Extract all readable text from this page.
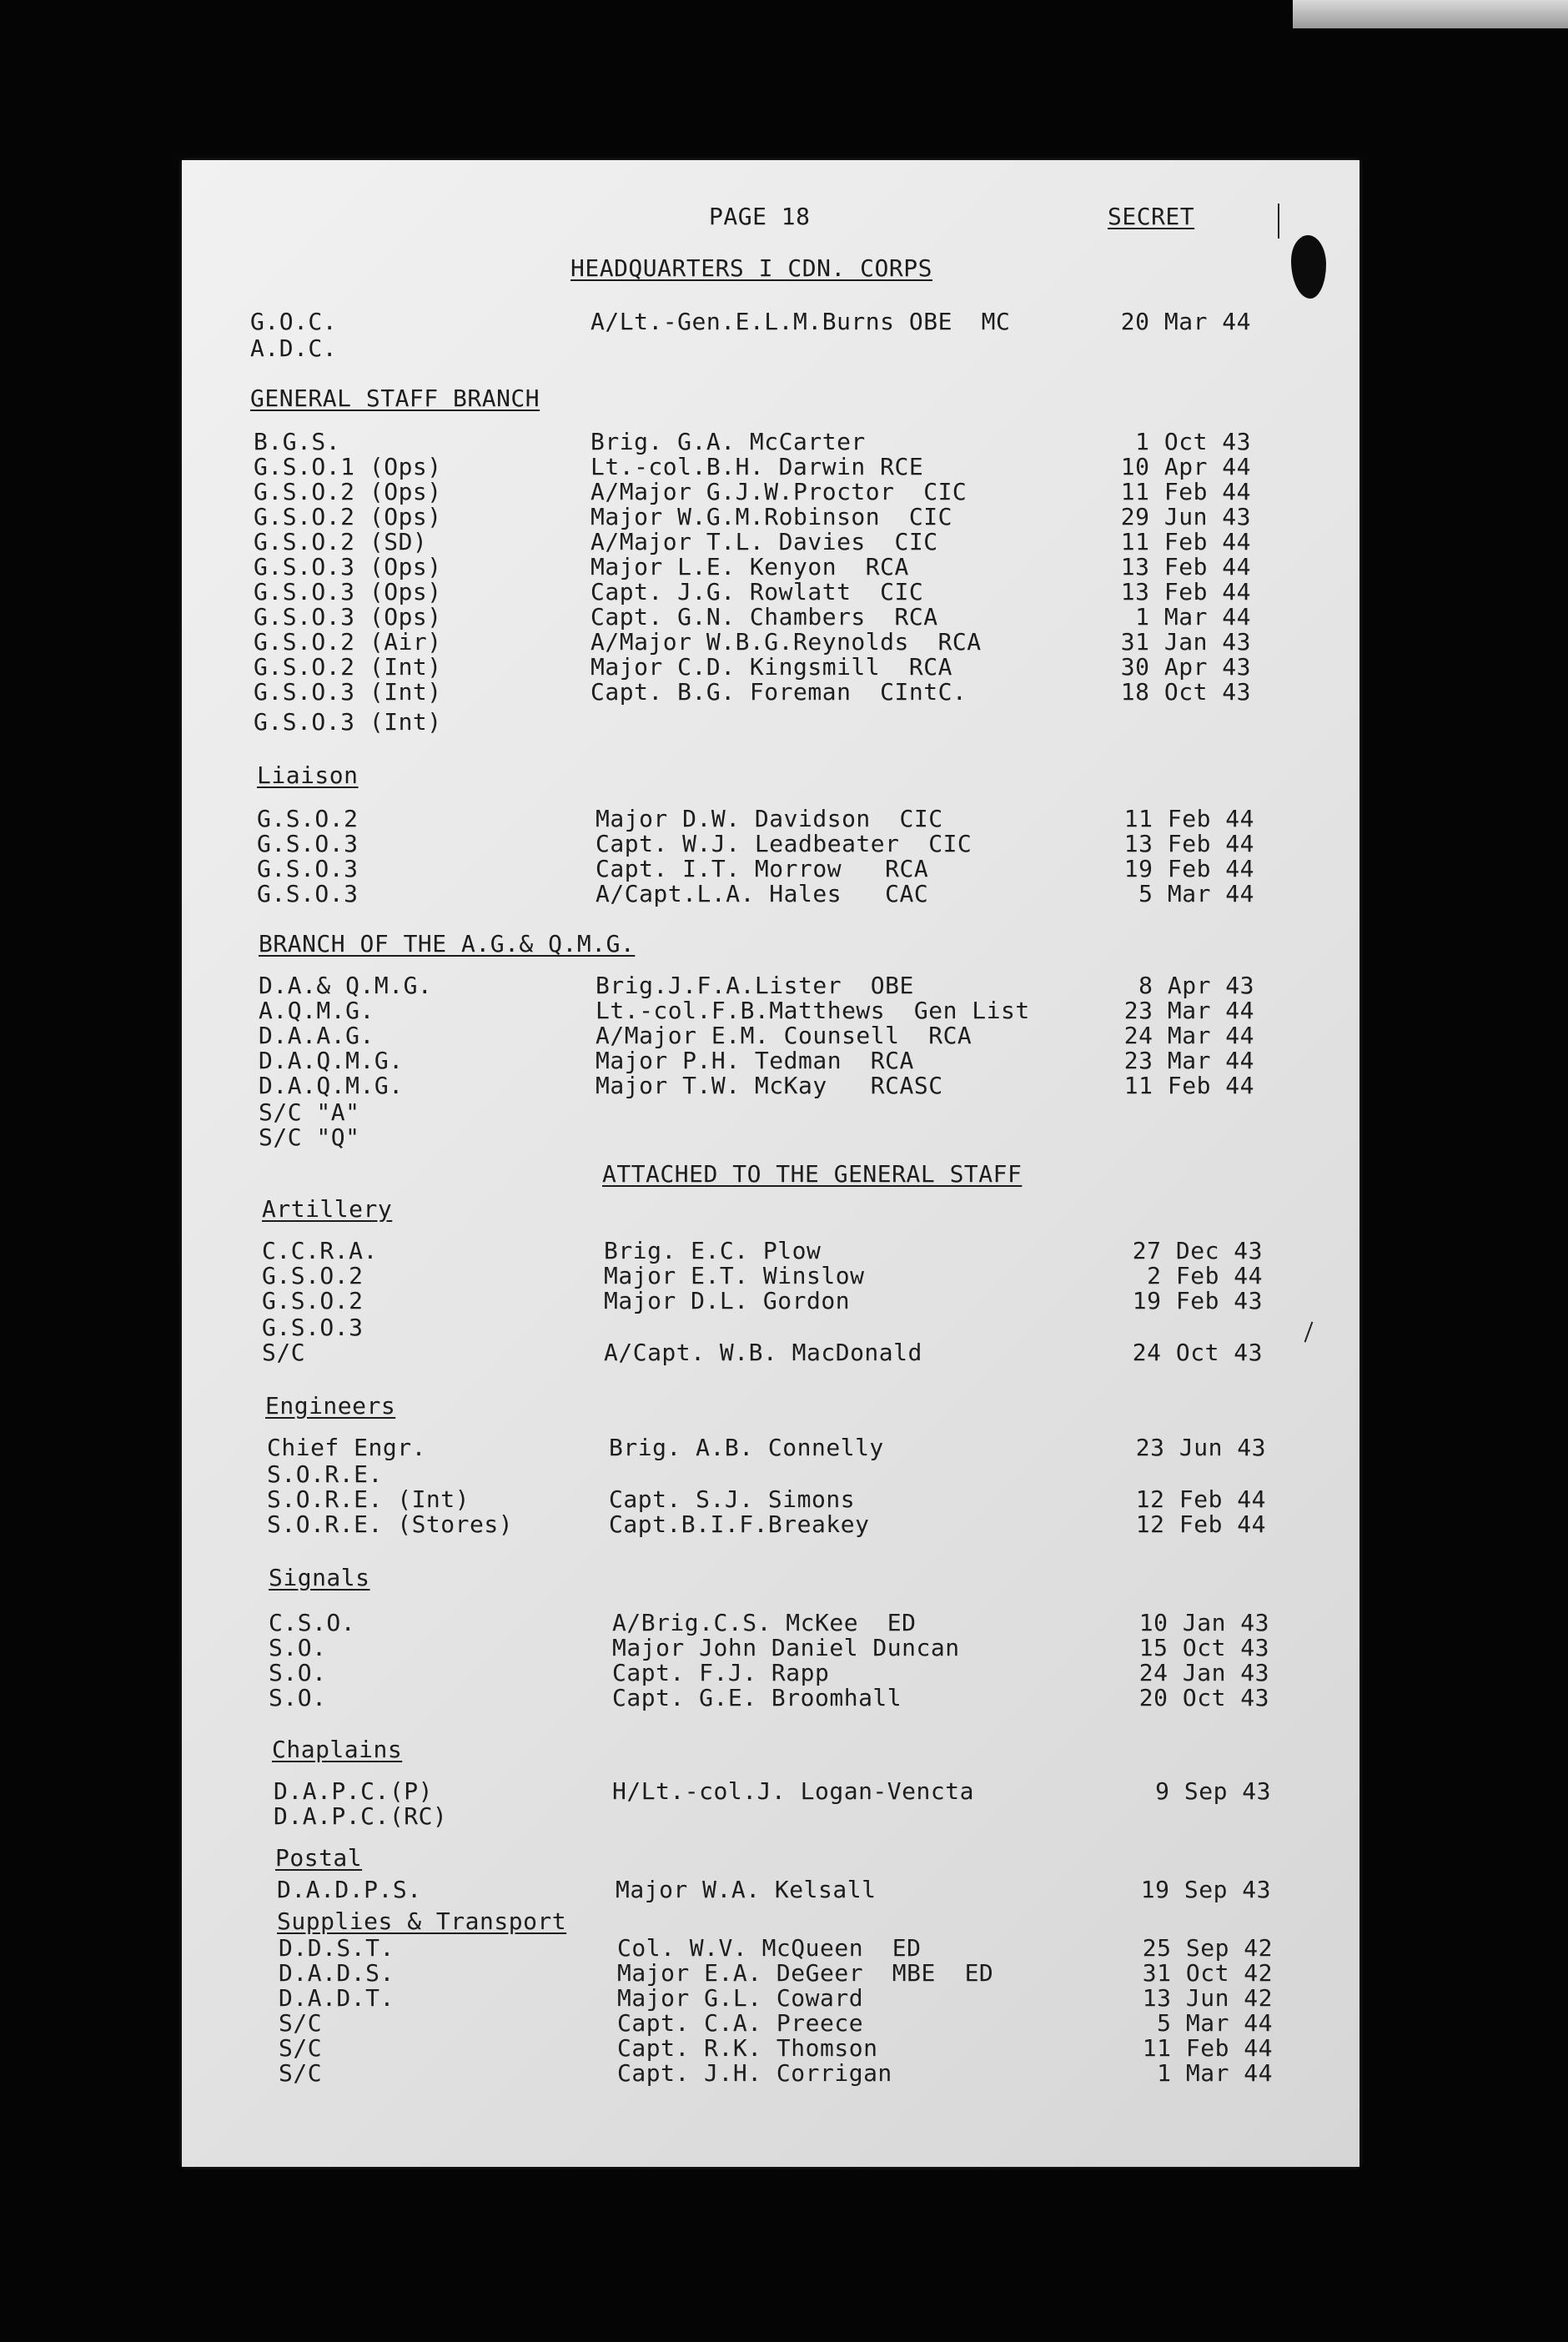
PAGE 18	SECRET
HEADQUARTERS I CDN. CORPS
G.O.C.	A/Lt.-Gen.E.L.M.Burns OBE  MC	20 Mar 44
A.D.C.
GENERAL STAFF BRANCH
B.G.S.	Brig. G.A. McCarter	1 Oct 43
G.S.O.1 (Ops)	Lt.-col.B.H. Darwin RCE	10 Apr 44
G.S.O.2 (Ops)	A/Major G.J.W.Proctor  CIC	11 Feb 44
G.S.O.2 (Ops)	Major W.G.M.Robinson  CIC	29 Jun 43
G.S.O.2 (SD)	A/Major T.L. Davies  CIC	11 Feb 44
G.S.O.3 (Ops)	Major L.E. Kenyon  RCA	13 Feb 44
G.S.O.3 (Ops)	Capt. J.G. Rowlatt  CIC	13 Feb 44
G.S.O.3 (Ops)	Capt. G.N. Chambers  RCA	1 Mar 44
G.S.O.2 (Air)	A/Major W.B.G.Reynolds  RCA	31 Jan 43
G.S.O.2 (Int)	Major C.D. Kingsmill  RCA	30 Apr 43
G.S.O.3 (Int)	Capt. B.G. Foreman  CIntC.	18 Oct 43
G.S.O.3 (Int)
Liaison
G.S.O.2	Major D.W. Davidson  CIC	11 Feb 44
G.S.O.3	Capt. W.J. Leadbeater  CIC	13 Feb 44
G.S.O.3	Capt. I.T. Morrow   RCA	19 Feb 44
G.S.O.3	A/Capt.L.A. Hales   CAC	5 Mar 44
BRANCH OF THE A.G.& Q.M.G.
D.A.& Q.M.G.	Brig.J.F.A.Lister  OBE	8 Apr 43
A.Q.M.G.	Lt.-col.F.B.Matthews  Gen List	23 Mar 44
D.A.A.G.	A/Major E.M. Counsell  RCA	24 Mar 44
D.A.Q.M.G.	Major P.H. Tedman  RCA	23 Mar 44
D.A.Q.M.G.	Major T.W. McKay   RCASC	11 Feb 44
S/C "A"
S/C "Q"
ATTACHED TO THE GENERAL STAFF
Artillery
C.C.R.A.	Brig. E.C. Plow	27 Dec 43
G.S.O.2	Major E.T. Winslow	2 Feb 44
G.S.O.2	Major D.L. Gordon	19 Feb 43
G.S.O.3
S/C	A/Capt. W.B. MacDonald	24 Oct 43
Engineers
Chief Engr.	Brig. A.B. Connelly	23 Jun 43
S.O.R.E.
S.O.R.E. (Int)	Capt. S.J. Simons	12 Feb 44
S.O.R.E. (Stores)	Capt.B.I.F.Breakey	12 Feb 44
Signals
C.S.O.	A/Brig.C.S. McKee  ED	10 Jan 43
S.O.	Major John Daniel Duncan	15 Oct 43
S.O.	Capt. F.J. Rapp	24 Jan 43
S.O.	Capt. G.E. Broomhall	20 Oct 43
Chaplains
D.A.P.C.(P)	H/Lt.-col.J. Logan-Vencta	9 Sep 43
D.A.P.C.(RC)
Postal
D.A.D.P.S.	Major W.A. Kelsall	19 Sep 43
Supplies & Transport
D.D.S.T.	Col. W.V. McQueen  ED	25 Sep 42
D.A.D.S.	Major E.A. DeGeer  MBE  ED	31 Oct 42
D.A.D.T.	Major G.L. Coward	13 Jun 42
S/C	Capt. C.A. Preece	5 Mar 44
S/C	Capt. R.K. Thomson	11 Feb 44
S/C	Capt. J.H. Corrigan	1 Mar 44
